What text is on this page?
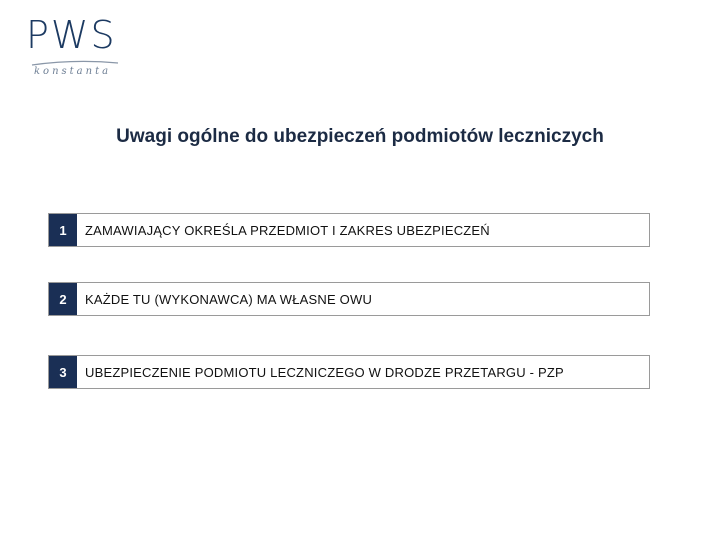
PWS
konstanta
Uwagi ogólne do ubezpieczeń podmiotów leczniczych
1	ZAMAWIAJĄCY OKREŚLA PRZEDMIOT I ZAKRES UBEZPIECZEŃ
2	KAŻDE TU (WYKONAWCA) MA WŁASNE OWU
3	UBEZPIECZENIE PODMIOTU LECZNICZEGO W DRODZE PRZETARGU - PZP
